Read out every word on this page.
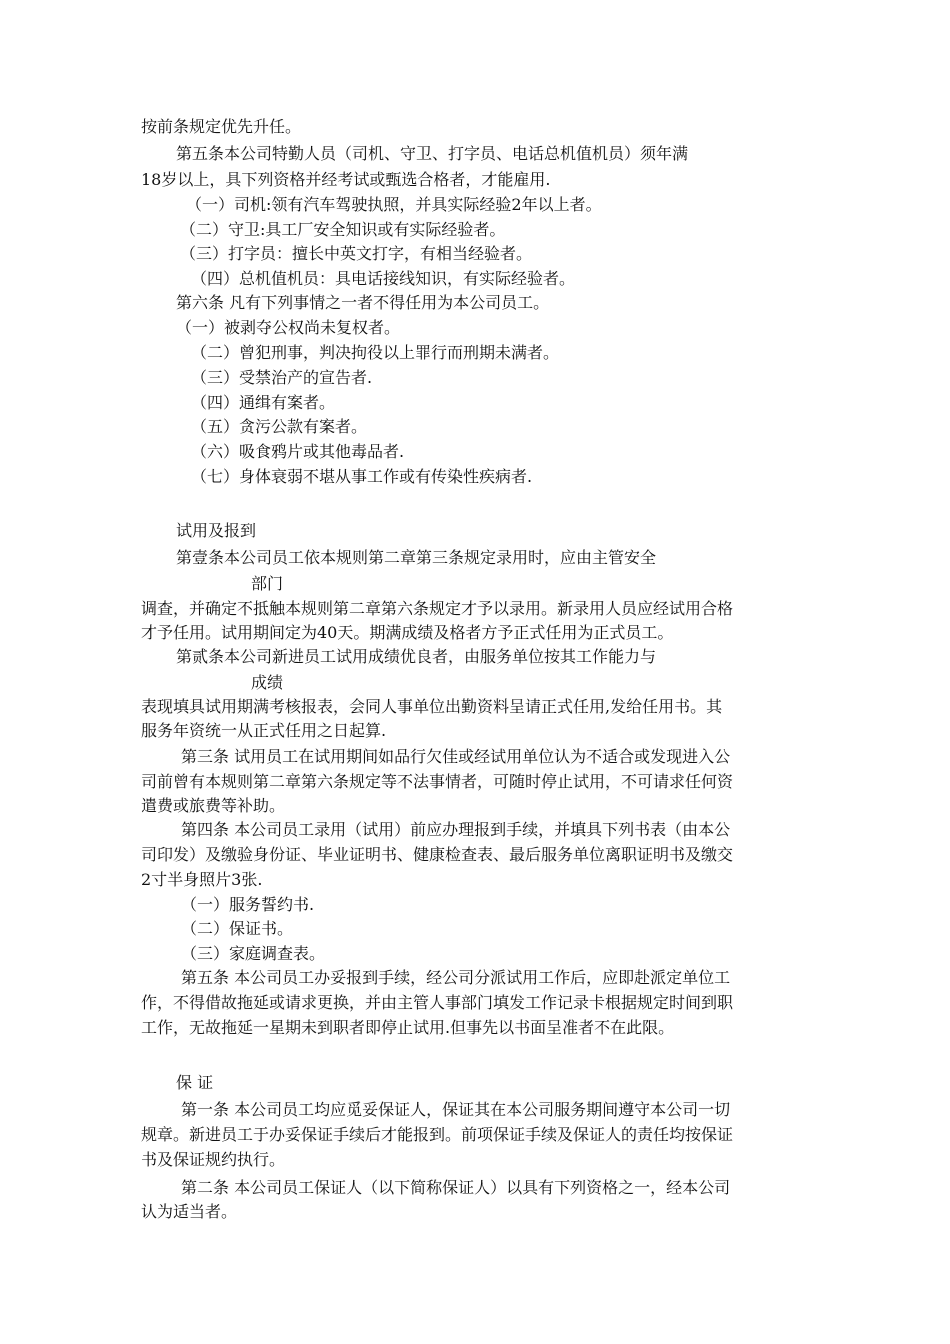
按前条规定优先升任。
第五条本公司特勤人员（司机、守卫、打字员、电话总机值机员）须年满
18岁以上，具下列资格并经考试或甄选合格者，才能雇用.
（一）司机:领有汽车驾驶执照，并具实际经验2年以上者。
（二）守卫:具工厂安全知识或有实际经验者。
（三）打字员：擅长中英文打字，有相当经验者。
（四）总机值机员：具电话接线知识，有实际经验者。
第六条 凡有下列事情之一者不得任用为本公司员工。
（一）被剥夺公权尚未复权者。
（二）曾犯刑事，判决拘役以上罪行而刑期未满者。
（三）受禁治产的宣告者.
（四）通缉有案者。
（五）贪污公款有案者。
（六）吸食鸦片或其他毒品者.
（七）身体衰弱不堪从事工作或有传染性疾病者.
试用及报到
第壹条本公司员工依本规则第二章第三条规定录用时，应由主管安全
部门
调查，并确定不抵触本规则第二章第六条规定才予以录用。新录用人员应经试用合格
才予任用。试用期间定为40天。期满成绩及格者方予正式任用为正式员工。
第贰条本公司新进员工试用成绩优良者，由服务单位按其工作能力与
成绩
表现填具试用期满考核报表，会同人事单位出勤资料呈请正式任用,发给任用书。其
服务年资统一从正式任用之日起算.
第三条 试用员工在试用期间如品行欠佳或经试用单位认为不适合或发现进入公
司前曾有本规则第二章第六条规定等不法事情者，可随时停止试用，不可请求任何资
遣费或旅费等补助。
第四条 本公司员工录用（试用）前应办理报到手续，并填具下列书表（由本公
司印发）及缴验身份证、毕业证明书、健康检查表、最后服务单位离职证明书及缴交
2寸半身照片3张.
（一）服务誓约书.
（二）保证书。
（三）家庭调查表。
第五条 本公司员工办妥报到手续，经公司分派试用工作后，应即赴派定单位工
作，不得借故拖延或请求更换，并由主管人事部门填发工作记录卡根据规定时间到职
工作，无故拖延一星期未到职者即停止试用.但事先以书面呈准者不在此限。
保 证
第一条 本公司员工均应觅妥保证人，保证其在本公司服务期间遵守本公司一切
规章。新进员工于办妥保证手续后才能报到。前项保证手续及保证人的责任均按保证
书及保证规约执行。
第二条 本公司员工保证人（以下简称保证人）以具有下列资格之一，经本公司
认为适当者。
